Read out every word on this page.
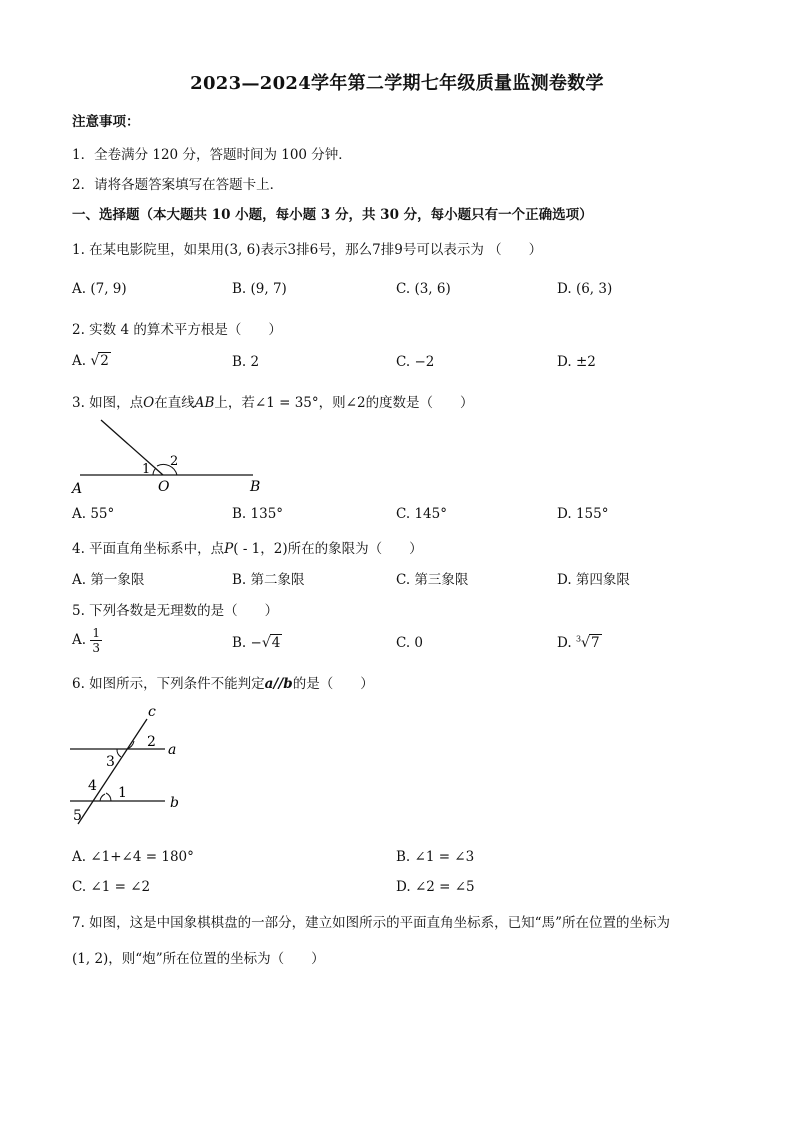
2023—2024学年第二学期七年级质量监测卷数学
注意事项：
1．全卷满分 120 分，答题时间为 100 分钟．
2．请将各题答案填写在答题卡上．
一、选择题（本大题共 10 小题，每小题 3 分，共 30 分，每小题只有一个正确选项）
1. 在某电影院里，如果用(3, 6)表示3排6号，那么7排9号可以表示为 （　　）
A. (7, 9)	B. (9, 7)	C. (3, 6)	D. (6, 3)
2. 实数 4 的算术平方根是（　　）
A. √2	B. 2	C. −2	D. ±2
3. 如图，点O在直线AB上，若∠1 = 35°，则∠2的度数是（　　）
A	O	B
1
2
A. 55°	B. 135°	C. 145°	D. 155°
4. 平面直角坐标系中，点P( - 1，2)所在的象限为（　　）
A. 第一象限	B. 第二象限	C. 第三象限	D. 第四象限
5. 下列各数是无理数的是（　　）
A. $\frac{1}{3}$	B. −√4	C. 0	D. $^3$√7
6. 如图所示，下列条件不能判定a//b的是（　　）
c
2 a
3
4 1
b
5
A. ∠1+∠4 = 180°	B. ∠1 = ∠3
C. ∠1 = ∠2	D. ∠2 = ∠5
7. 如图，这是中国象棋棋盘的一部分，建立如图所示的平面直角坐标系，已知“馬”所在位置的坐标为
(1, 2)，则“炮”所在位置的坐标为（　　）
